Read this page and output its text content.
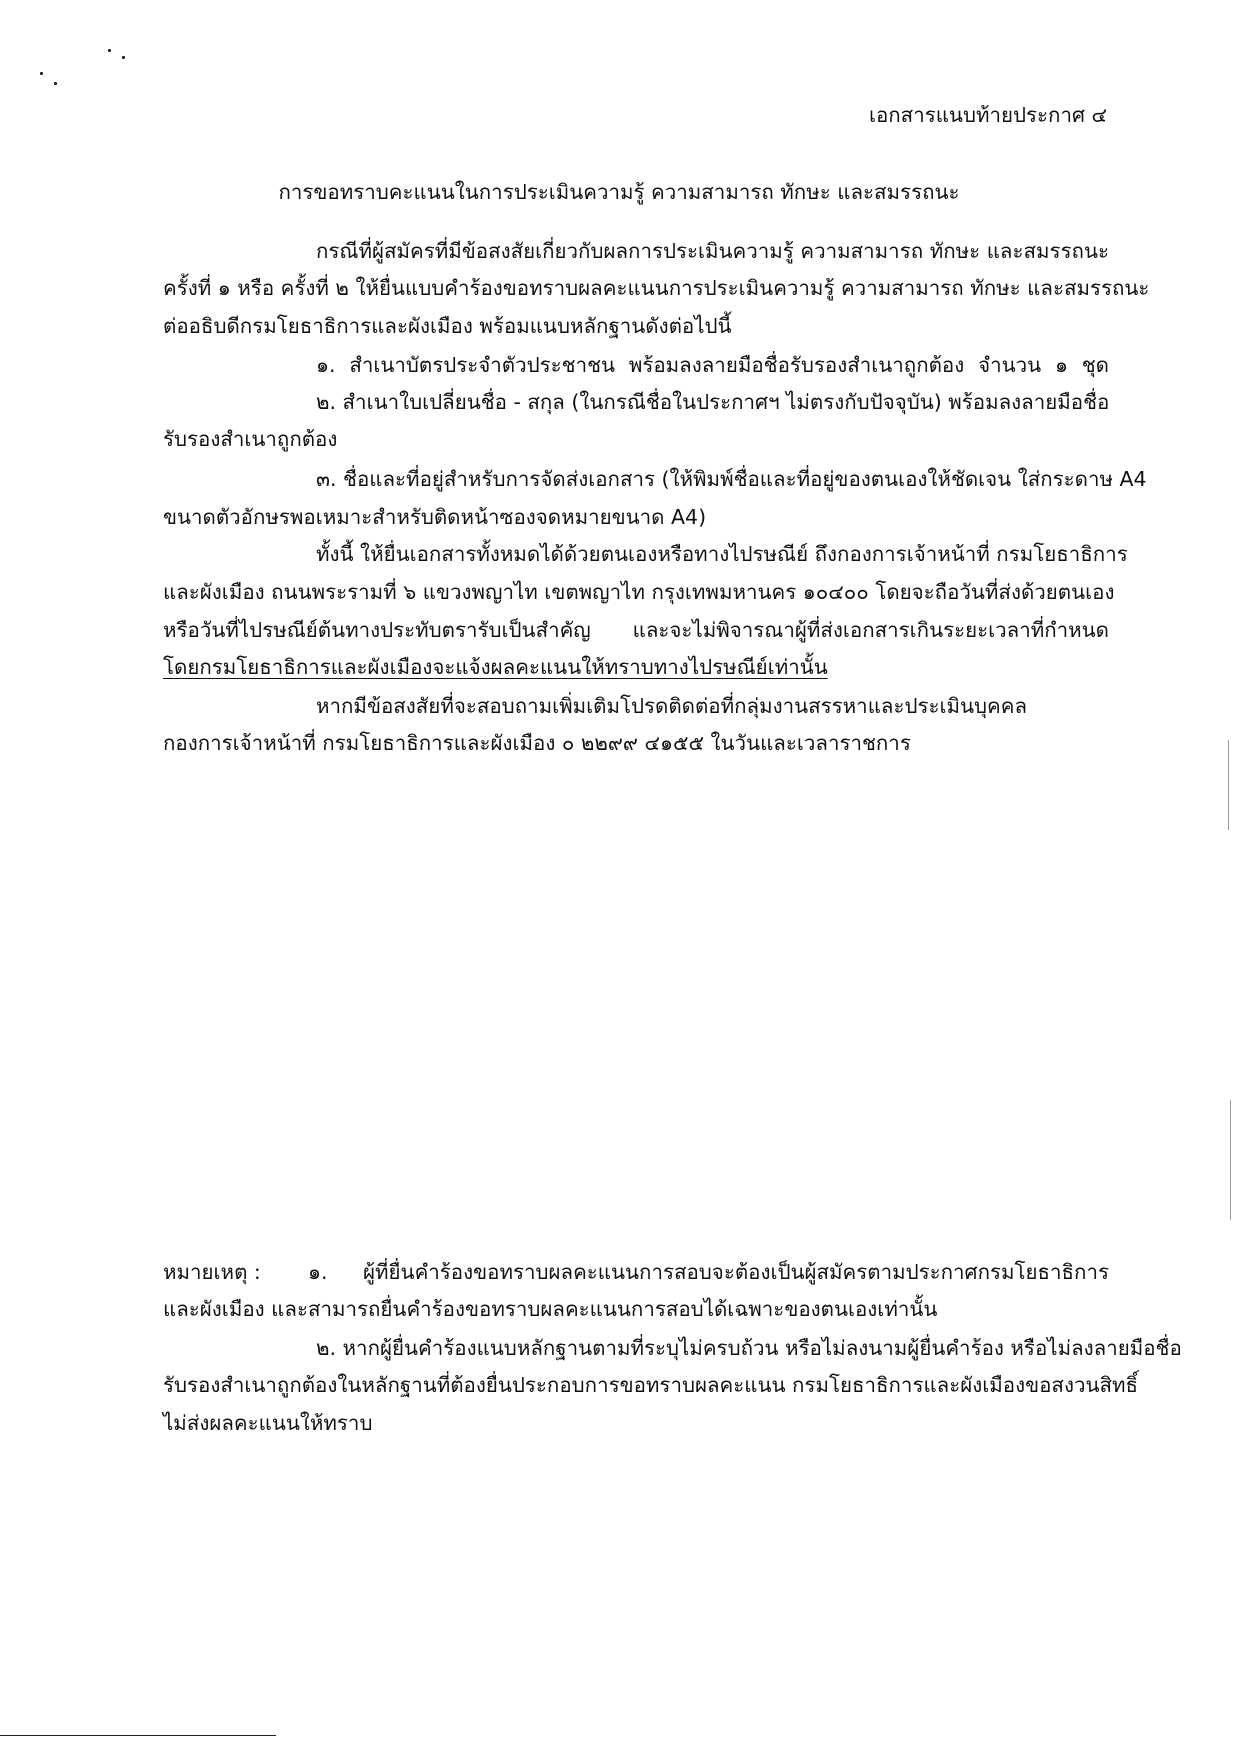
เอกสารแนบท้ายประกาศ ๔
การขอทราบคะแนนในการประเมินความรู้ ความสามารถ ทักษะ และสมรรถนะ
กรณีที่ผู้สมัครที่มีข้อสงสัยเกี่ยวกับผลการประเมินความรู้ ความสามารถ ทักษะ และสมรรถนะ
ครั้งที่ ๑ หรือ ครั้งที่ ๒ ให้ยื่นแบบคำร้องขอทราบผลคะแนนการประเมินความรู้ ความสามารถ ทักษะ และสมรรถนะ
ต่ออธิบดีกรมโยธาธิการและผังเมือง พร้อมแนบหลักฐานดังต่อไปนี้
๑. สำเนาบัตรประจำตัวประชาชน พร้อมลงลายมือชื่อรับรองสำเนาถูกต้อง จำนวน ๑ ชุด
๒. สำเนาใบเปลี่ยนชื่อ - สกุล (ในกรณีชื่อในประกาศฯ ไม่ตรงกับปัจจุบัน) พร้อมลงลายมือชื่อ
รับรองสำเนาถูกต้อง
๓. ชื่อและที่อยู่สำหรับการจัดส่งเอกสาร (ให้พิมพ์ชื่อและที่อยู่ของตนเองให้ชัดเจน ใส่กระดาษ A4
ขนาดตัวอักษรพอเหมาะสำหรับติดหน้าซองจดหมายขนาด A4)
ทั้งนี้ ให้ยื่นเอกสารทั้งหมดได้ด้วยตนเองหรือทางไปรษณีย์ ถึงกองการเจ้าหน้าที่ กรมโยธาธิการ
และผังเมือง ถนนพระรามที่ ๖ แขวงพญาไท เขตพญาไท กรุงเทพมหานคร ๑๐๔๐๐ โดยจะถือวันที่ส่งด้วยตนเอง
หรือวันที่ไปรษณีย์ต้นทางประทับตรารับเป็นสำคัญ และจะไม่พิจารณาผู้ที่ส่งเอกสารเกินระยะเวลาที่กำหนด
โดยกรมโยธาธิการและผังเมืองจะแจ้งผลคะแนนให้ทราบทางไปรษณีย์เท่านั้น
หากมีข้อสงสัยที่จะสอบถามเพิ่มเติมโปรดติดต่อที่กลุ่มงานสรรหาและประเมินบุคคล
กองการเจ้าหน้าที่ กรมโยธาธิการและผังเมือง ๐ ๒๒๙๙ ๔๑๕๕ ในวันและเวลาราชการ
หมายเหตุ : ๑. ผู้ที่ยื่นคำร้องขอทราบผลคะแนนการสอบจะต้องเป็นผู้สมัครตามประกาศกรมโยธาธิการ
และผังเมือง และสามารถยื่นคำร้องขอทราบผลคะแนนการสอบได้เฉพาะของตนเองเท่านั้น
๒. หากผู้ยื่นคำร้องแนบหลักฐานตามที่ระบุไม่ครบถ้วน หรือไม่ลงนามผู้ยื่นคำร้อง หรือไม่ลงลายมือชื่อ
รับรองสำเนาถูกต้องในหลักฐานที่ต้องยื่นประกอบการขอทราบผลคะแนน กรมโยธาธิการและผังเมืองขอสงวนสิทธิ์
ไม่ส่งผลคะแนนให้ทราบ
